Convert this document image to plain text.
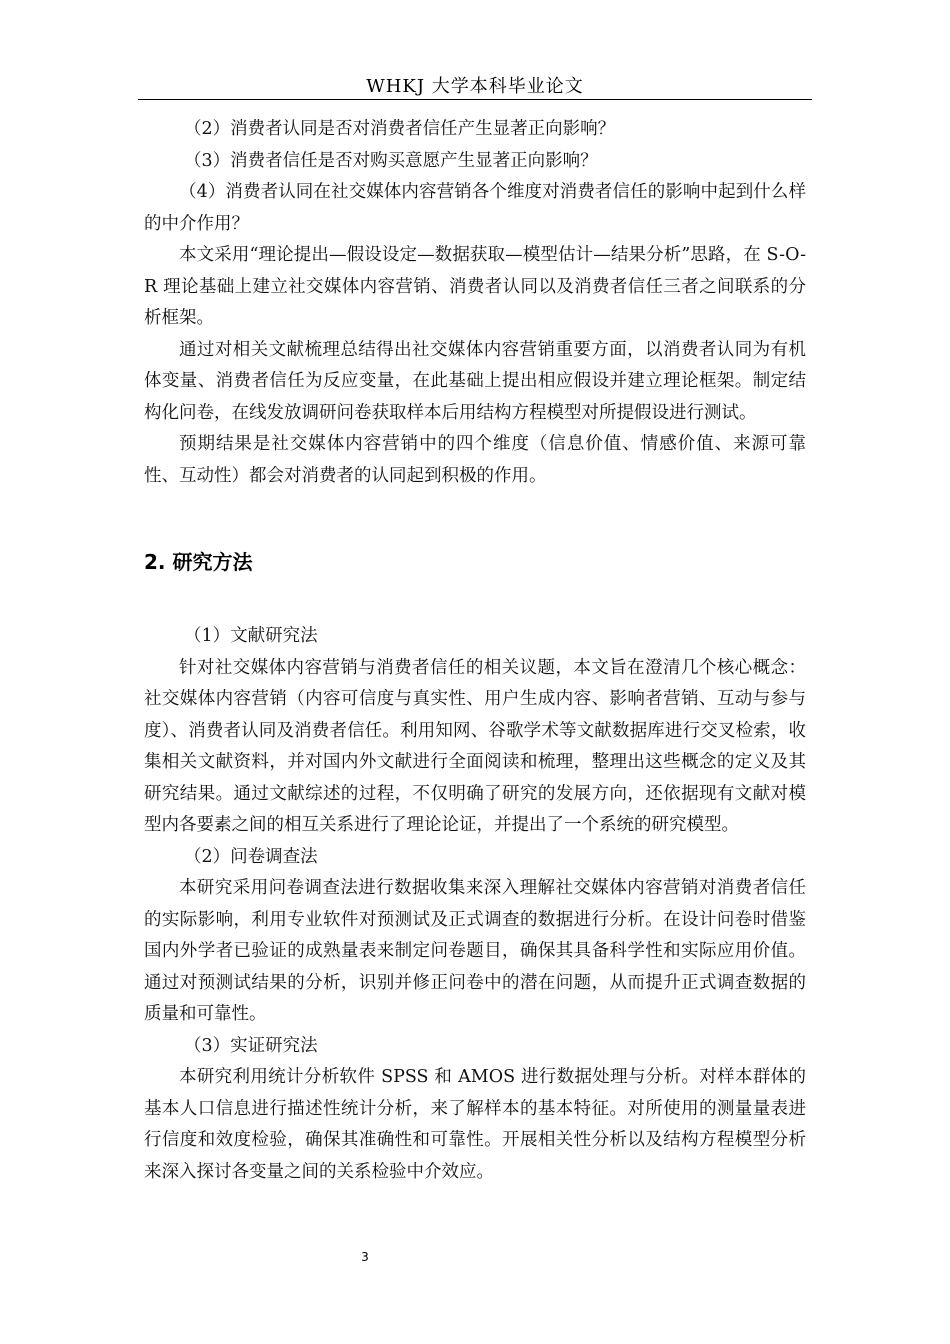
WHKJ 大学本科毕业论文

（2）消费者认同是否对消费者信任产生显著正向影响？

（3）消费者信任是否对购买意愿产生显著正向影响？

（4）消费者认同在社交媒体内容营销各个维度对消费者信任的影响中起到什么样的中介作用？

本文采用“理论提出—假设设定—数据获取—模型估计—结果分析”思路，在 S-O-R 理论基础上建立社交媒体内容营销、消费者认同以及消费者信任三者之间联系的分析框架。

通过对相关文献梳理总结得出社交媒体内容营销重要方面，以消费者认同为有机体变量、消费者信任为反应变量，在此基础上提出相应假设并建立理论框架。制定结构化问卷，在线发放调研问卷获取样本后用结构方程模型对所提假设进行测试。

预期结果是社交媒体内容营销中的四个维度（信息价值、情感价值、来源可靠性、互动性）都会对消费者的认同起到积极的作用。

2. 研究方法

（1）文献研究法

针对社交媒体内容营销与消费者信任的相关议题，本文旨在澄清几个核心概念：社交媒体内容营销（内容可信度与真实性、用户生成内容、影响者营销、互动与参与度）、消费者认同及消费者信任。利用知网、谷歌学术等文献数据库进行交叉检索，收集相关文献资料，并对国内外文献进行全面阅读和梳理，整理出这些概念的定义及其研究结果。通过文献综述的过程，不仅明确了研究的发展方向，还依据现有文献对模型内各要素之间的相互关系进行了理论论证，并提出了一个系统的研究模型。

（2）问卷调查法

本研究采用问卷调查法进行数据收集来深入理解社交媒体内容营销对消费者信任的实际影响，利用专业软件对预测试及正式调查的数据进行分析。在设计问卷时借鉴国内外学者已验证的成熟量表来制定问卷题目，确保其具备科学性和实际应用价值。通过对预测试结果的分析，识别并修正问卷中的潜在问题，从而提升正式调查数据的质量和可靠性。

（3）实证研究法

本研究利用统计分析软件 SPSS 和 AMOS 进行数据处理与分析。对样本群体的基本人口信息进行描述性统计分析，来了解样本的基本特征。对所使用的测量量表进行信度和效度检验，确保其准确性和可靠性。开展相关性分析以及结构方程模型分析来深入探讨各变量之间的关系检验中介效应。

3
